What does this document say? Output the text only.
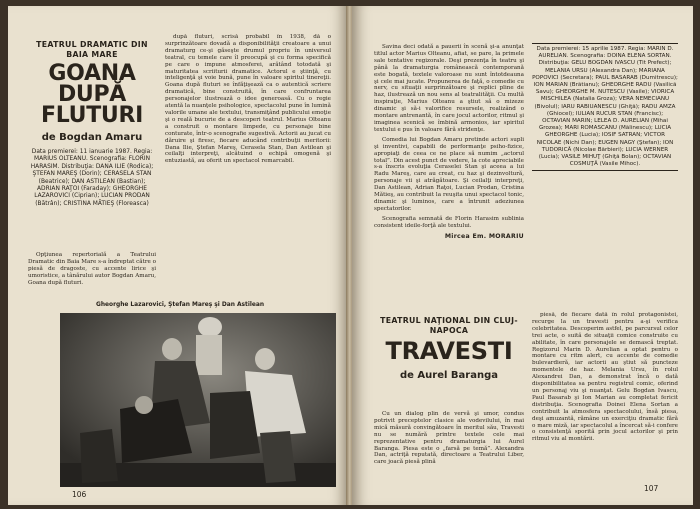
TEATRUL DRAMATIC DIN BAIA MARE
GOANA
DUPĂ FLUTURI
de Bogdan Amaru
Data premierei: 11 ianuarie 1987. Regia: MARIUS OLTEANU. Scenografia: FLORIN HARASIM. Distribuţia: DANA ILIE (Rodica); ŞTEFAN MAREŞ (Dorin); CERASELA STAN (Beatrice); DAN ASTILEAN (Bastian); ADRIAN RAŢOI (Faraday); GHEORGHE LAZAROVICI (Ciprian); LUCIAN PRODAN (Bătrân); CRISTINA MĂTIEŞ (Floreasca)

Opţiunea repertorială a Teatrului Dramatic din Baia Mare s-a îndreptat către o piesă de dragoste, cu accente lirice şi umoristice, a tânărului autor Bogdan Amaru, Goana după fluturi.

după fluturi, scrisă probabil în 1938, dă o surprinzătoare dovadă a disponibilităţii creatoare a unui dramaturg ce-şi găseşte drumul propriu în universul teatral, cu temele care îl preocupă şi cu forma specifică pe care o impune atmosferei, arătând totodată şi maturitatea scriiturii dramatice. Actorul e ştiinţă, cu inteligenţă şi voie bună, pune în valoare spiritul tinereţii. Goana după fluturi se înfăţişează ca o autentică scriere dramatică, bine construită, în care confruntarea personajelor ilustrează o idee generoasă. Cu o regie atentă la nuanţele psihologice, spectacolul pune în lumină valorile umane ale textului, transmiţând publicului emoţie şi o reală bucurie de a descoperi teatrul. Marius Olteanu a construit o montare limpede, cu personaje bine conturate, într-o scenografie sugestivă. Actorii au jucat cu dăruire şi firesc, fiecare aducând contribuţii meritorii: Dana Ilie, Ştefan Mareş, Cerasela Stan, Dan Astilean şi ceilalţi interpreţi, alcătuind o echipă omogenă şi entuziastă, au oferit un spectacol remarcabil.

Gheorghe Lazarovici, Ştefan Mareş şi Dan Astilean
106

Savina deci odată a pauerii în scenă şi-a anunţat titlul actor Marius Olteanu, afiat, se pare, la primele sale tentative regizorale. Deşi prezenţa în teatru şi până la dramaturgia românească contemporană este bogată, textele valoroase nu sunt întotdeauna şi cele mai jucate. Propunerea de faţă, o comedie cu nerv, cu situaţii surprinzătoare şi replici pline de haz, ilustrează un nou sens al teatralităţii. Cu multă inspiraţie, Marius Olteanu a ştiut să o mizeze dinamic şi să-i valorifice resursele, realizând o montare antrenantă, în care jocul actorilor, ritmul şi imaginea scenică se îmbină armonios, iar spiritul textului e pus în valoare fără stridenţe.

Comedia lui Bogdan Amaru pretinde actori supli şi inventivi, capabili de performanţe psiho-fizice, apropiaţi de ceea ce ne place să numim „actorul total”. Din acest punct de vedere, la cote apreciabile s-a înscris evoluţia Ceraselei Stan şi aceea a lui Radu Mareş, care au creat, cu haz şi dezinvoltură, personaje vii şi atrăgătoare. Şi ceilalţi interpreţi, Dan Astilean, Adrian Raţoi, Lucian Prodan, Cristina Mătieş, au contribuit la reuşita unui spectacol tonic, dinamic şi luminos, care a întrunit adeziunea spectatorilor.

Scenografia semnată de Florin Harasim sublinia consistent ideile-forţă ale textului.

Mircea Em. MORARIU
Data premierei: 15 aprilie 1987. Regia: MARIN D. AURELIAN. Scenografia: DOINA ELENA SORTAN. Distribuţia: GELU BOGDAN IVASCU (Tit Prefect); MELANIA URSU (Alexandra Dan); MARIANA POPOVICI (Secretara); PAUL BASARAB (Dumitrescu); ION MARIAN (Brătianu); GHEORGHE RADU (Vasilică Savu); GHEORGHE M. NUTESCU (Vasile); VIORICA MISCHILEA (Natalia Groza); VERA NEMECIANU (Bivolul); IARU RABIUANESCU (Ghiţă); RADU AMZA (Ghiocel); IULIAN RUCUR STAN (Francisc); OCTAVIAN MARIN; LELEA D. AURELIAN (Mihai Grozea); MARI ROMASCANU (Mălinescu); LUCIA GHEORGHE (Lucia); IOSIF SATRAN; VICTOR NICOLAE (Nichi Dan); EUGEN NAGY (Ştefan); ION TUDORICĂ (Nicolae Bărbieri); LUCIA WERNER (Lucia); VASILE MIHUŢ (Ghiţă Bolan); OCTAVIAN COSMUŢĂ (Vasile Mihoc).
TEATRUL NAŢIONAL DIN CLUJ-NAPOCA
TRAVESTI
de Aurel Baranga

Cu un dialog plin de vervă şi umor, condus potrivit preceptelor clasice ale vodevilului, în mai mică măsură convingătoare în meritul său, Travesti nu se numără printre textele cele mai reprezentative pentru dramaturgia lui Aurel Baranga. Piesa este o „farsă pe temă”. Alexandra Dan, actriţă reputată, directoare a Teatrului Liber, care joacă piesă plină

piesă, de fiecare dată în rolul protagonistei, recurge la un travesti pentru a-şi verifica celebritatea. Descoperim astfel, pe parcursul celor trei acte, o suită de situaţii comice construite cu abilitate, în care personajele se demască treptat. Regizorul Marin D. Aurelian a optat pentru o montare cu ritm alert, cu accente de comedie bulevardieră, iar actorii au ştiut să puncteze momentele de haz. Melania Ursu, în rolul Alexandrei Dan, a demonstrat încă o dată disponibilitatea sa pentru registrul comic, oferind un personaj viu şi nuanţat. Gelu Bogdan Ivascu, Paul Basarab şi Ion Marian au completat fericit distribuţia. Scenografia Doinei Elena Sortan a contribuit la atmosfera spectacolului, însă piesa, deşi amuzantă, rămâne un exerciţiu dramatic fără o mare miză, iar spectacolul a încercat să-i confere o consistenţă sporită prin jocul actorilor şi prin ritmul viu al montării.

107
